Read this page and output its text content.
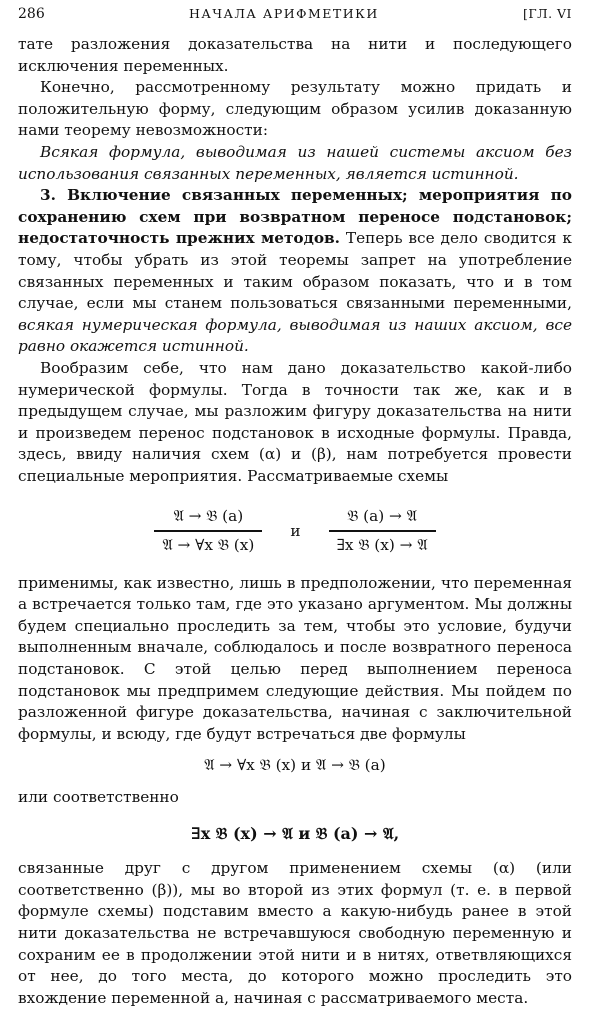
286	НАЧАЛА АРИФМЕТИКИ	[ГЛ. VI

тате разложения доказательства на нити и последующего исключения переменных.

Конечно, рассмотренному результату можно придать и положительную форму, следующим образом усилив доказанную нами теорему невозможности:

Всякая формула, выводимая из нашей системы аксиом без использования связанных переменных, является истинной.

3. Включение связанных переменных; мероприятия по сохранению схем при возвратном переносе подстановок; недостаточность прежних методов. Теперь все дело сводится к тому, чтобы убрать из этой теоремы запрет на употребление связанных переменных и таким образом показать, что и в том случае, если мы станем пользоваться связанными переменными, всякая нумерическая формула, выводимая из наших аксиом, все равно окажется истинной.

Вообразим себе, что нам дано доказательство какой-либо нумерической формулы. Тогда в точности так же, как и в предыдущем случае, мы разложим фигуру доказательства на нити и произведем перенос подстановок в исходные формулы. Правда, здесь, ввиду наличия схем (α) и (β), нам потребуется провести специальные мероприятия. Рассматриваемые схемы

$\frac{\text{𝔄 → 𝔅 (a)}}{\text{𝔄 → ∀x 𝔅 (x)}}$ и $\frac{\text{𝔅 (a) → 𝔄}}{\text{∃x 𝔅 (x) → 𝔄}}$

применимы, как известно, лишь в предположении, что переменная a встречается только там, где это указано аргументом. Мы должны будем специально проследить за тем, чтобы это условие, будучи выполненным вначале, соблюдалось и после возвратного переноса подстановок. С этой целью перед выполнением переноса подстановок мы предпримем следующие действия. Мы пойдем по разложенной фигуре доказательства, начиная с заключительной формулы, и всюду, где будут встречаться две формулы

𝔄 → ∀x 𝔅 (x) и 𝔄 → 𝔅 (a)

или соответственно

∃x 𝔅 (x) → 𝔄 и 𝔅 (a) → 𝔄,

связанные друг с другом применением схемы (α) (или соответственно (β)), мы во второй из этих формул (т. е. в первой формуле схемы) подставим вместо a какую-нибудь ранее в этой нити доказательства не встречавшуюся свободную переменную и сохраним ее в продолжении этой нити и в нитях, ответвляющихся от нее, до того места, до которого можно проследить это вхождение переменной a, начиная с рассматриваемого места.
